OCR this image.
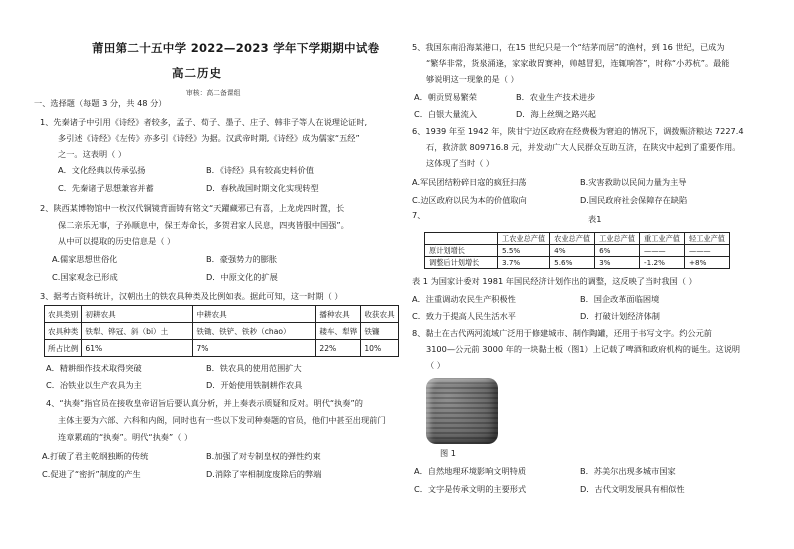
莆田第二十五中学 2022—2023 学年下学期期中试卷
高二历史
审核：高二备课组
一、选择题（每题 3 分，共 48 分）
1、先秦诸子中引用《诗经》者较多，孟子、荀子、墨子、庄子、韩非子等人在说理论证时,
多引述《诗经》《左传》亦多引《诗经》为据。汉武帝时期,《诗经》成为儒家“五经”
之一。这表明（ ）
A．文化经典以传承弘扬	B．《诗经》具有较高史料价值
C．先秦诸子思想兼容并蓄	D．春秋战国时期文化实现转型
2、陕西某博物馆中一枚汉代铜镜背面铸有铭文“天躍藏邪已有喜，上龙虎四时置，长
保二亲乐无事，子孙顺息中，保王寿命长，多贺君家人民息，四夷皆服中国强”。
从中可以提取的历史信息是（ ）
A.儒家思想世俗化	B．豪强势力的膨胀
C.国家观念已形成	D．中原文化的扩展
3、据考古资料统计，汉朝出土的铁农具种类及比例如表。据此可知，这一时期（ ）
农具类别	初耕农具	中耕农具	播种农具	收获农具
农具种类	铁犁、铧冠、斜（bi）土	铁锄、铁铲、铁耖（chao）	耧车、犁铧	铁镰
所占比例	61%	7%	22%	10%
A．精耕细作技术取得突破	B．铁农具的使用范围扩大
C．冶铁业以生产农具为主	D．开始使用铁制耕作农具
4、“执奏”指官员在接收皇帝诏旨后要认真分析，并上奏表示质疑和反对。明代“执奏”的
主体主要为六部、六科和内阁，同时也有一些以下发司种奏题的官员，他们中甚至出现前门
连章累疏的“执奏”。明代“执奏”（ ）
A.打破了君主乾纲独断的传统	B.加强了对专制皇权的弹性约束
C.促进了“密折”制度的产生	D.消除了宰相制度废除后的弊端
5、我国东南沿海某港口，在15 世纪只是一个“结茅而居”的渔村，到 16 世纪，已成为
“繁华非常，货泉涌逢，家家敢胃赛神，帅越冒犯，连辄响答”，时称“小苏杭”。最能
够说明这一现象的是（ ）
A．朝贡贸易繁荣	B．农业生产技术进步
C．白银大量流入	D．海上丝绸之路兴起
6、1939 年至 1942 年，陕甘宁边区政府在经费极为窘迫的情况下，调拨赈济粮达 7227.4
石，救济款 809716.8 元，并发动广大人民群众互助互济，在陕灾中起到了重要作用。
这体现了当时（ ）
A.军民团结粉碎日寇的疯狂扫荡	B.灾害救助以民间力量为主导
C.边区政府以民为本的价值取向	D.国民政府社会保障存在缺陷
7、	表1
	工农业总产值	农业总产值	工业总产值	重工业产值	轻工业产值
原计划增长	5.5%	4%	6%	———	———
调整后计划增长	3.7%	5.6%	3%	-1.2%	+8%
表 1 为国家计委对 1981 年国民经济计划作出的调整，这反映了当时我国（ ）
A．注重调动农民生产积极性	B．国企改革面临困境
C．致力于提高人民生活水平	D．打破计划经济体制
8、黏土在古代两河流域广泛用于修建城市、制作陶罐，还用于书写文字。约公元前
3100—公元前 3000 年的一块黏土板（图1）上记载了啤酒和政府机构的诞生。这说明
（ ）
图 1
A．自然地理环境影响文明特质	B．苏美尔出现多城市国家
C．文字是传承文明的主要形式	D．古代文明发展具有相似性
